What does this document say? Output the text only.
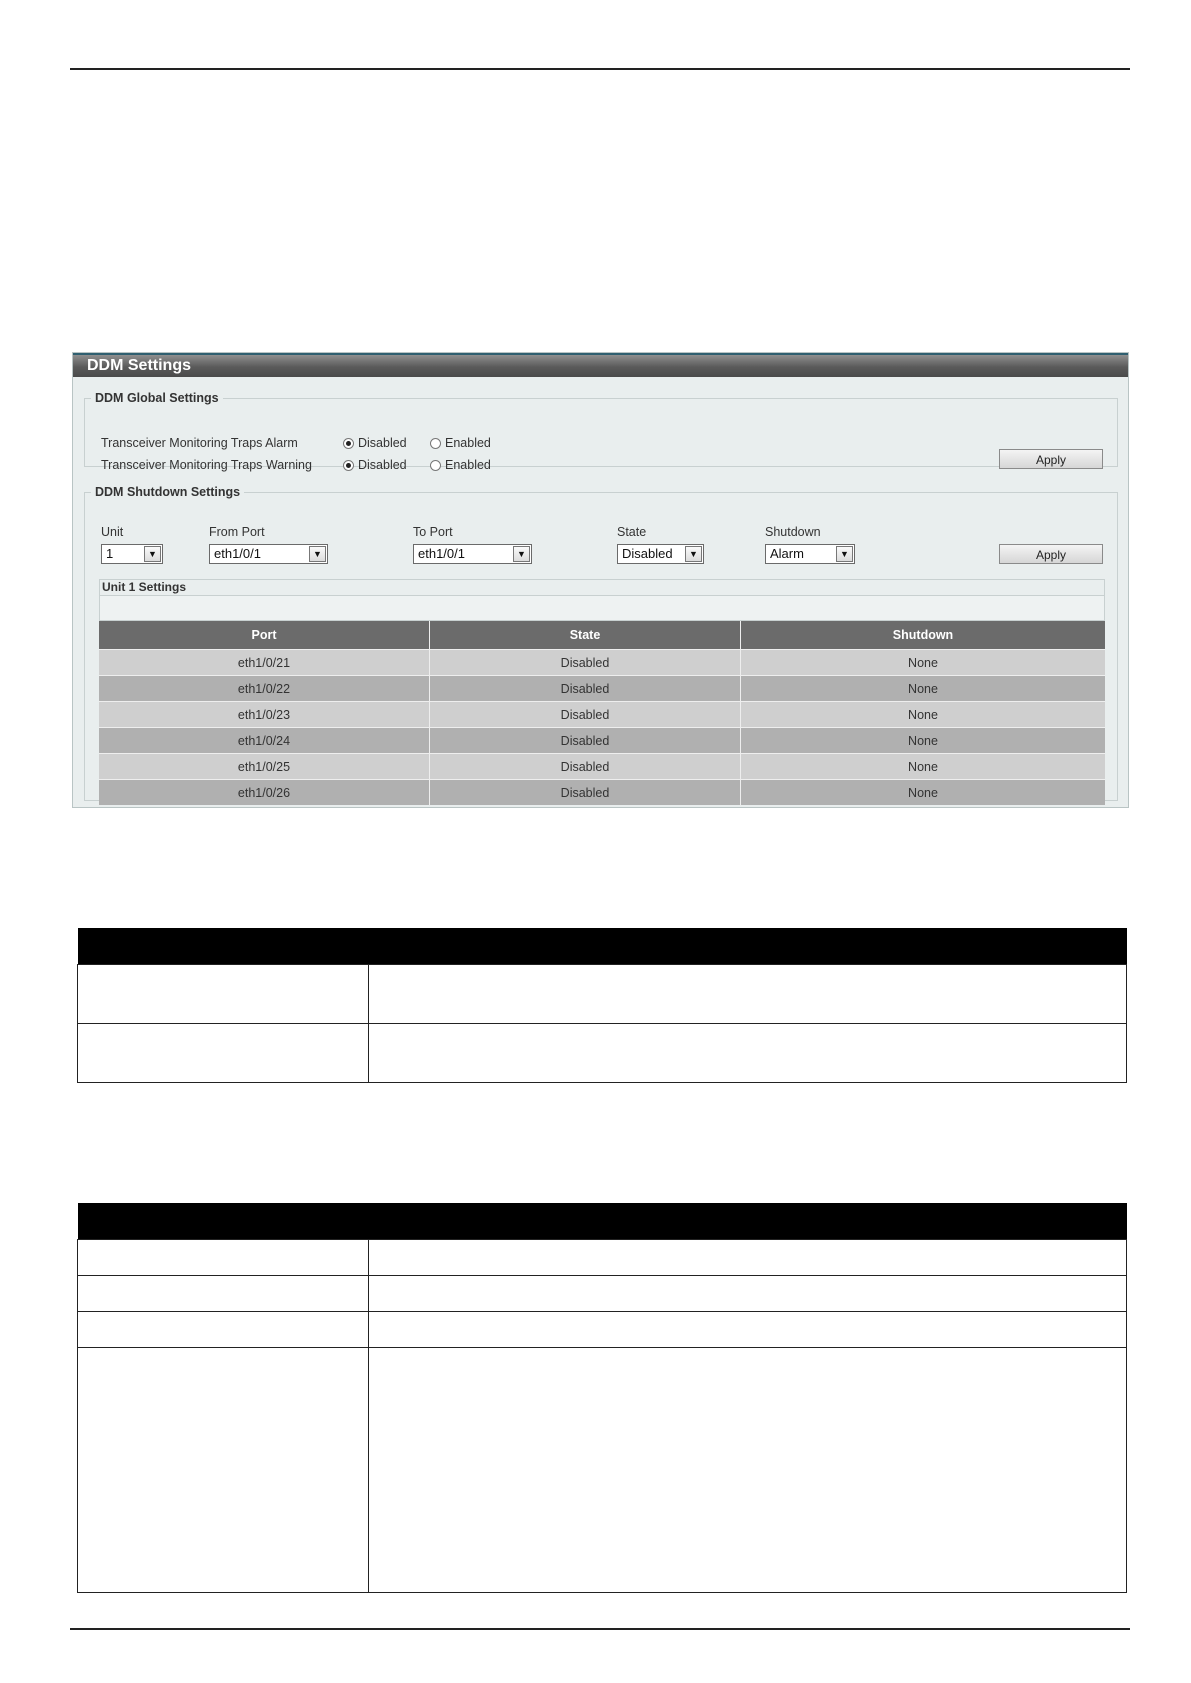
DDM Settings
DDM Global Settings
Transceiver Monitoring Traps Alarm	Disabled	Enabled
Transceiver Monitoring Traps Warning	Disabled	Enabled	Apply
DDM Shutdown Settings
Unit	From Port	To Port	State	Shutdown
1	▼	eth1/0/1	▼	eth1/0/1	▼	Disabled	▼	Alarm	▼	Apply
Unit 1 Settings
Port	State	Shutdown
eth1/0/21	Disabled	None
eth1/0/22	Disabled	None
eth1/0/23	Disabled	None
eth1/0/24	Disabled	None
eth1/0/25	Disabled	None
eth1/0/26	Disabled	None
